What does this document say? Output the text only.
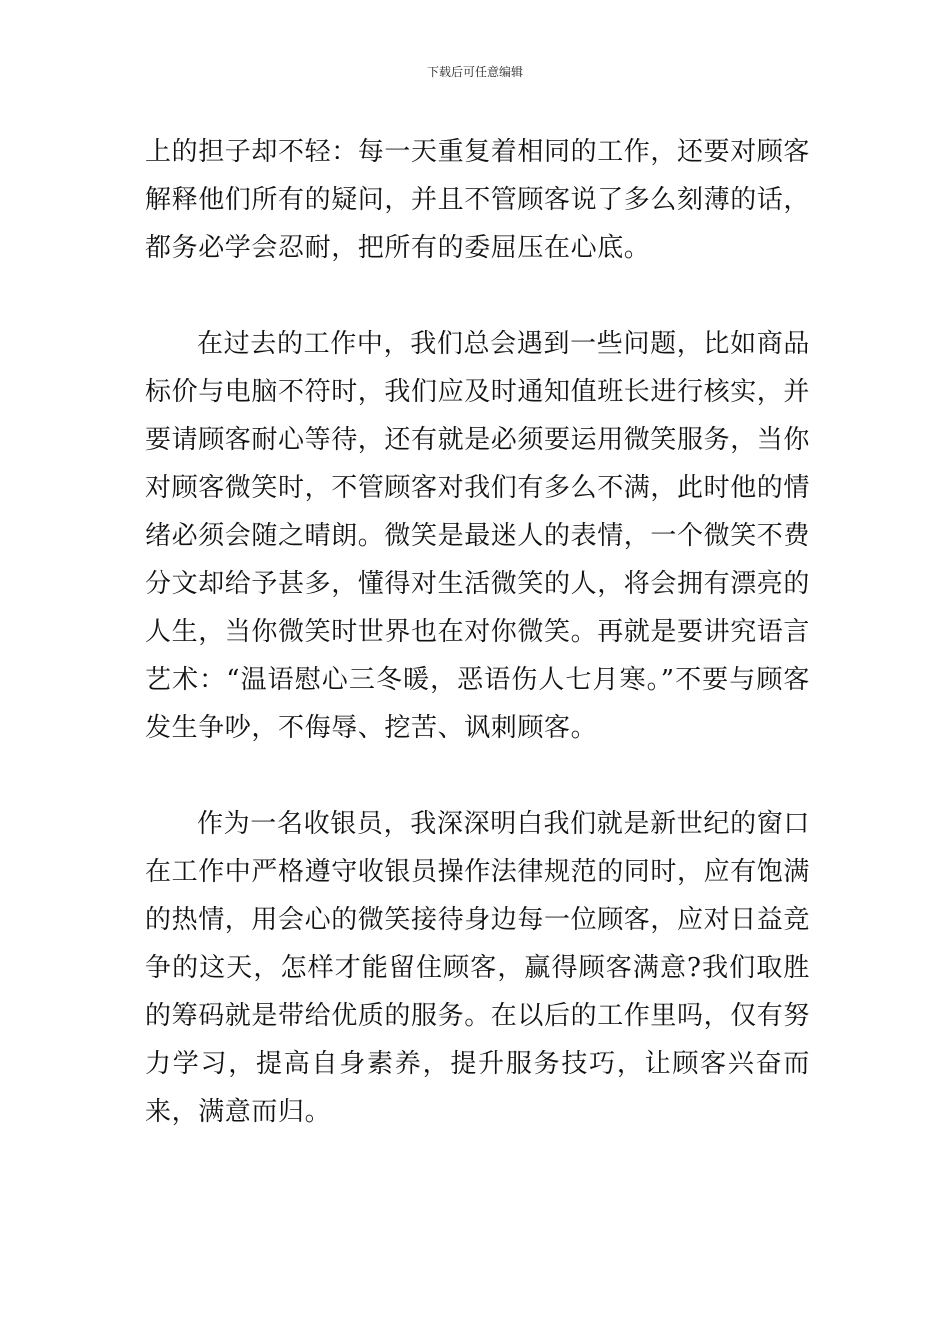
下载后可任意编辑

上的担子却不轻：每一天重复着相同的工作，还要对顾客解释他们所有的疑问，并且不管顾客说了多么刻薄的话，都务必学会忍耐，把所有的委屈压在心底。

在过去的工作中，我们总会遇到一些问题，比如商品标价与电脑不符时，我们应及时通知值班长进行核实，并要请顾客耐心等待，还有就是必须要运用微笑服务，当你对顾客微笑时，不管顾客对我们有多么不满，此时他的情绪必须会随之晴朗。微笑是最迷人的表情，一个微笑不费分文却给予甚多，懂得对生活微笑的人，将会拥有漂亮的人生，当你微笑时世界也在对你微笑。再就是要讲究语言艺术：“温语慰心三冬暖，恶语伤人七月寒。”不要与顾客发生争吵，不侮辱、挖苦、讽刺顾客。

作为一名收银员，我深深明白我们就是新世纪的窗口在工作中严格遵守收银员操作法律规范的同时，应有饱满的热情，用会心的微笑接待身边每一位顾客，应对日益竞争的这天，怎样才能留住顾客，赢得顾客满意?我们取胜的筹码就是带给优质的服务。在以后的工作里吗，仅有努力学习，提高自身素养，提升服务技巧，让顾客兴奋而来，满意而归。
